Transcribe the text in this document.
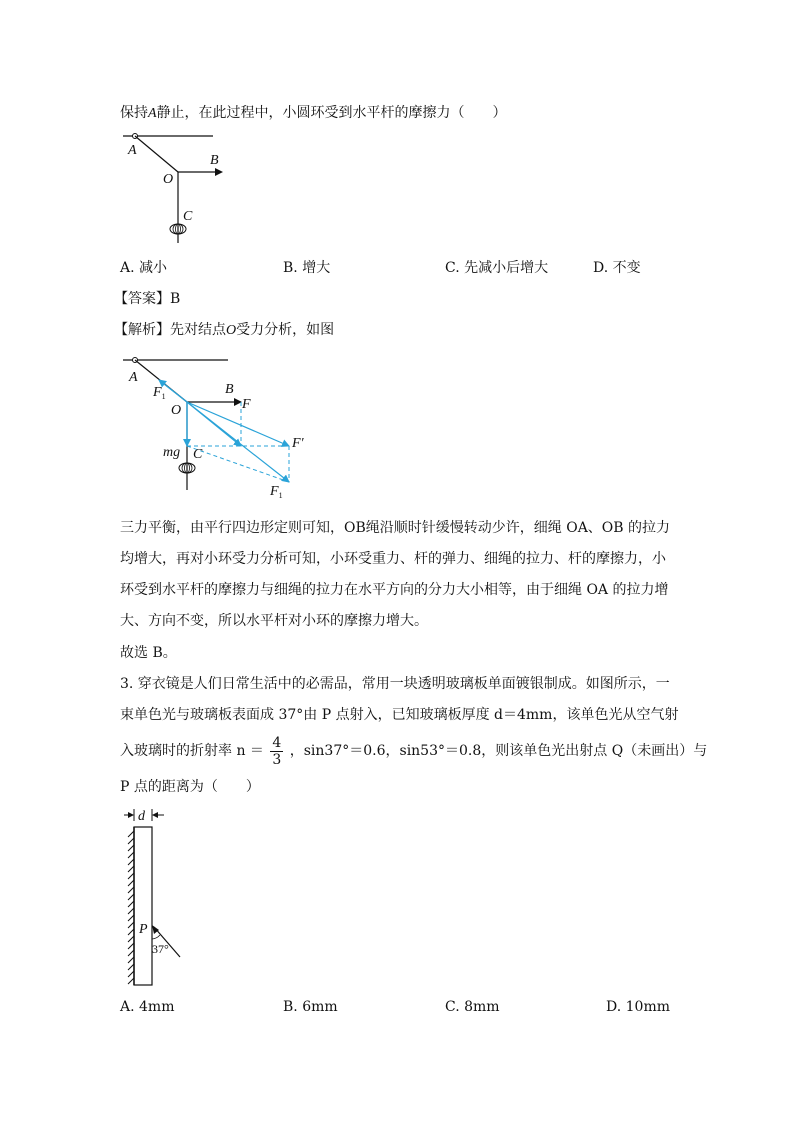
保持A静止，在此过程中，小圆环受到水平杆的摩擦力（　　）
A
B
O
C
A. 减小	B. 增大	C. 先减小后增大	D. 不变
【答案】B
【解析】先对结点O受力分析，如图
A
B
O	F
F′
$F_1$
$F_1$
mg C
三力平衡，由平行四边形定则可知，OB绳沿顺时针缓慢转动少许，细绳 OA、OB 的拉力
均增大，再对小环受力分析可知，小环受重力、杆的弹力、细绳的拉力、杆的摩擦力，小
环受到水平杆的摩擦力与细绳的拉力在水平方向的分力大小相等，由于细绳 OA 的拉力增
大、方向不变，所以水平杆对小环的摩擦力增大。
故选 B。
3. 穿衣镜是人们日常生活中的必需品，常用一块透明玻璃板单面镀银制成。如图所示，一
束单色光与玻璃板表面成 37°由 P 点射入，已知玻璃板厚度 d＝4mm，该单色光从空气射
入玻璃时的折射率 $n = \frac{4}{3}$ ，sin37°＝0.6，sin53°＝0.8，则该单色光出射点 Q（未画出）与
P 点的距离为（　　）
d
P
37°
A. 4mm	B. 6mm	C. 8mm	D. 10mm
